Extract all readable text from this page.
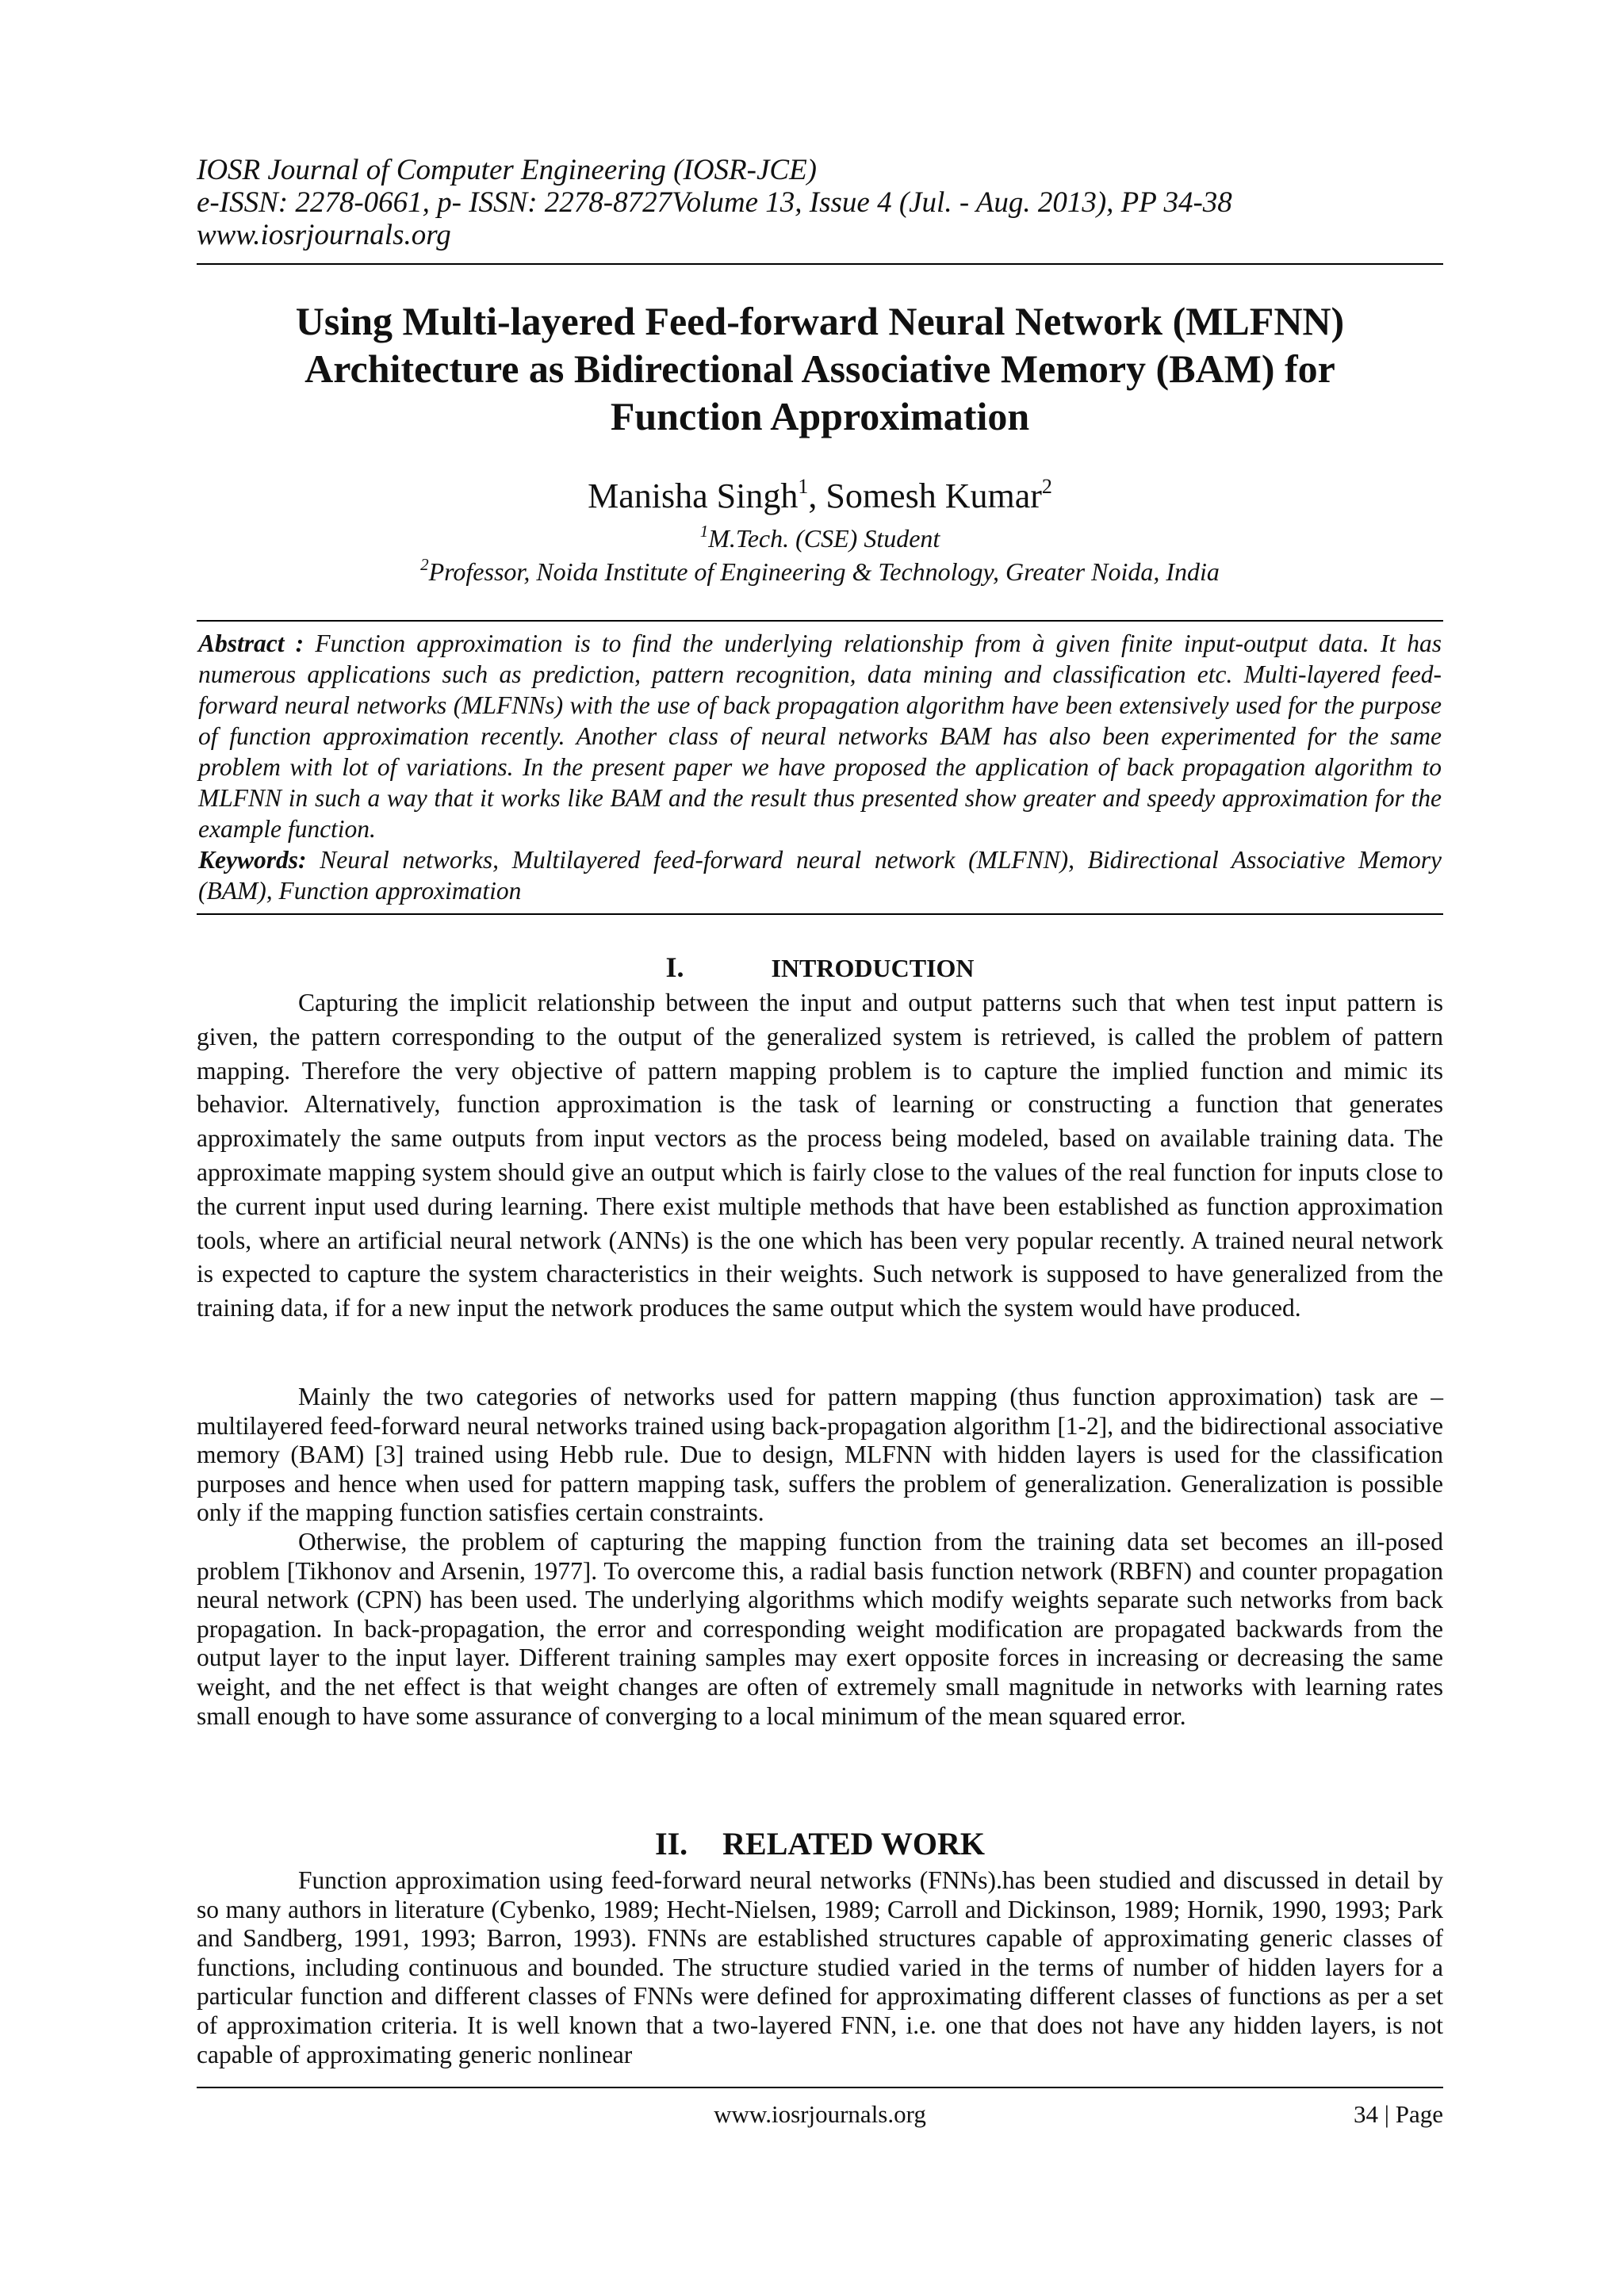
IOSR Journal of Computer Engineering (IOSR-JCE)
e-ISSN: 2278-0661, p- ISSN: 2278-8727Volume 13, Issue 4 (Jul. - Aug. 2013), PP 34-38
www.iosrjournals.org
Using Multi-layered Feed-forward Neural Network (MLFNN)
Architecture as Bidirectional Associative Memory (BAM) for
Function Approximation
Manisha Singh$^1$, Somesh Kumar$^2$
$^1$M.Tech. (CSE) Student
$^2$Professor, Noida Institute of Engineering & Technology, Greater Noida, India

Abstract : Function approximation is to find the underlying relationship from à given finite input-output data. It has numerous applications such as prediction, pattern recognition, data mining and classification etc. Multi-layered feed-forward neural networks (MLFNNs) with the use of back propagation algorithm have been extensively used for the purpose of function approximation recently. Another class of neural networks BAM has also been experimented for the same problem with lot of variations. In the present paper we have proposed the application of back propagation algorithm to MLFNN in such a way that it works like BAM and the result thus presented show greater and speedy approximation for the example function.

Keywords: Neural networks, Multilayered feed-forward neural network (MLFNN), Bidirectional Associative Memory (BAM), Function approximation

I.	INTRODUCTION

Capturing the implicit relationship between the input and output patterns such that when test input pattern is given, the pattern corresponding to the output of the generalized system is retrieved, is called the problem of pattern mapping. Therefore the very objective of pattern mapping problem is to capture the implied function and mimic its behavior. Alternatively, function approximation is the task of learning or constructing a function that generates approximately the same outputs from input vectors as the process being modeled, based on available training data. The approximate mapping system should give an output which is fairly close to the values of the real function for inputs close to the current input used during learning. There exist multiple methods that have been established as function approximation tools, where an artificial neural network (ANNs) is the one which has been very popular recently. A trained neural network is expected to capture the system characteristics in their weights. Such network is supposed to have generalized from the training data, if for a new input the network produces the same output which the system would have produced.

Mainly the two categories of networks used for pattern mapping (thus function approximation) task are – multilayered feed-forward neural networks trained using back-propagation algorithm [1-2], and the bidirectional associative memory (BAM) [3] trained using Hebb rule. Due to design, MLFNN with hidden layers is used for the classification purposes and hence when used for pattern mapping task, suffers the problem of generalization. Generalization is possible only if the mapping function satisfies certain constraints.

Otherwise, the problem of capturing the mapping function from the training data set becomes an ill-posed problem [Tikhonov and Arsenin, 1977]. To overcome this, a radial basis function network (RBFN) and counter propagation neural network (CPN) has been used. The underlying algorithms which modify weights separate such networks from back propagation. In back-propagation, the error and corresponding weight modification are propagated backwards from the output layer to the input layer. Different training samples may exert opposite forces in increasing or decreasing the same weight, and the net effect is that weight changes are often of extremely small magnitude in networks with learning rates small enough to have some assurance of converging to a local minimum of the mean squared error.

II. RELATED WORK

Function approximation using feed-forward neural networks (FNNs).has been studied and discussed in detail by so many authors in literature (Cybenko, 1989; Hecht-Nielsen, 1989; Carroll and Dickinson, 1989; Hornik, 1990, 1993; Park and Sandberg, 1991, 1993; Barron, 1993). FNNs are established structures capable of approximating generic classes of functions, including continuous and bounded. The structure studied varied in the terms of number of hidden layers for a particular function and different classes of FNNs were defined for approximating different classes of functions as per a set of approximation criteria. It is well known that a two-layered FNN, i.e. one that does not have any hidden layers, is not capable of approximating generic nonlinear

www.iosrjournals.org	34 | Page
